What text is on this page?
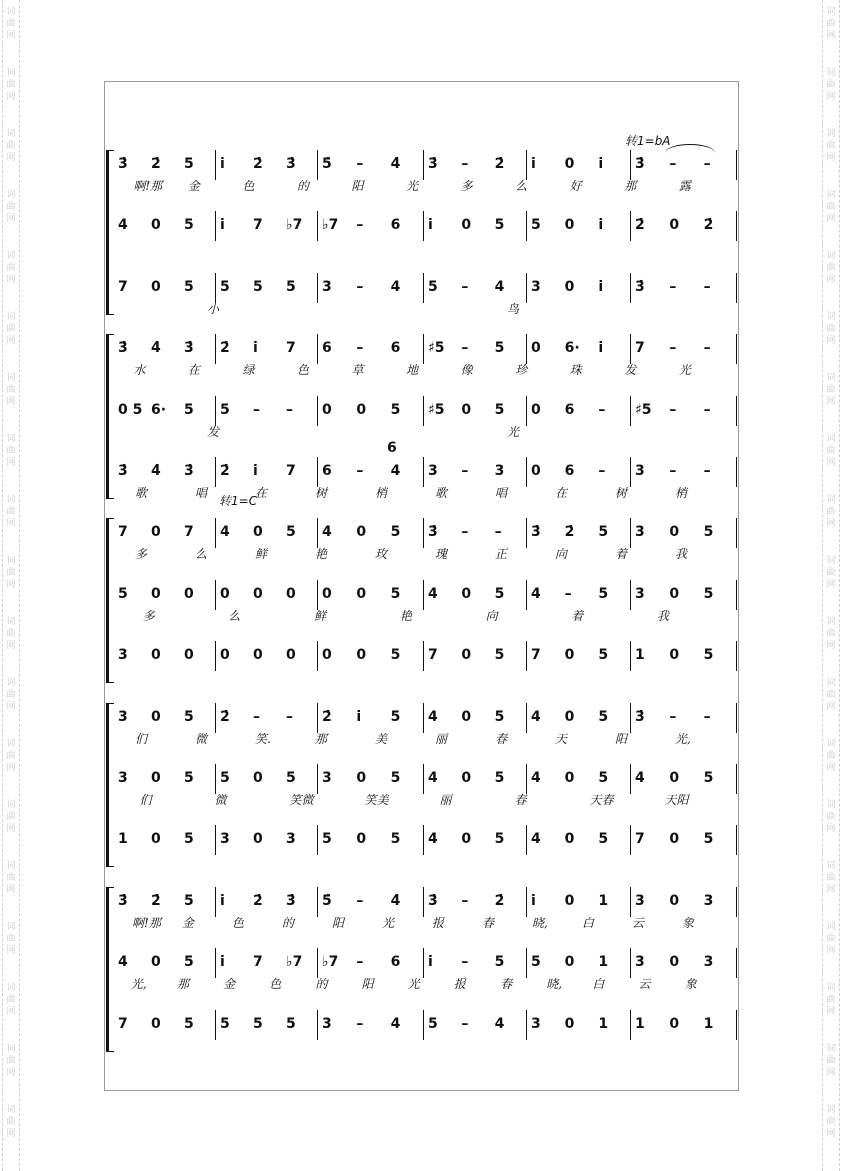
词
曲
网
词
曲
网
词
曲
网
词
曲
网
词
曲
网
词
曲
网
词
曲
网
词
曲
网
词
曲
网
词
曲
网
词
曲
网
词
曲
网
词
曲
网
词
曲
网
词
曲
网
词
曲
网
词
曲
网
词
曲
网
词
曲
网
词
曲
网
词
曲
网
词
曲
网
词
曲
网
词
曲
网
词
曲
网
词
曲
网
词
曲
网
词
曲
网
词
曲
网
词
曲
网
词
曲
网
词
曲
网
词
曲
网
词
曲
网
词
曲
网
词
曲
网
词
曲
网
词
曲
网
转1=bA
转1=C
6
3̇ 2̇ 5 i 2̇ 3̇ 5̇ – 4̇ 3̇ – 2̇ i 0 i 3̇ – –
啊!那 金	色	的	阳	光	多	么	好	那	露
4 0 5 i 7 ♭7 ♭7 – 6 i 0 5 5 0 i 2̇ 0 2̇
7 0 5 5 5 5 3 – 4 5 – 4 3 0 i 3̇ – –
小	鸟
3̇ 4̇ 3̇ 2̇ i 7 6 – 6 ♯5 – 5 0 6· i 7 – –
水	在	绿	色	草	地	像	珍	珠	发	光
0 5 6· 5 5 – – 0 0 5 ♯5 0 5 0 6 – ♯5 – –
发	光
3̇ 4̇ 3̇ 2̇ i 7 6 – 4 3 – 3 0 6 – 3 – –
歌	唱	在	树	梢	歌	唱	在	树	梢
7 0 7 4 0 5 4 0 5 3̇ – – 3̇ 2̇ 5 3 0 5
多	么	鲜	艳	玫	瑰	正	向	着	我
5 0 0 0 0 0 0 0 5 4 0 5 4 – 5 3 0 5
多	么	鲜	艳	向	着	我
3 0 0 0 0 0 0 0 5 7 0 5 7 0 5 1 0 5
3 0 5 2̇ – – 2̇ i 5 4 0 5 4 0 5 3̇ – –
们	微	笑.	那	美	丽	春	天	阳	光,
3 0 5 5 0 5 3 0 5 4 0 5 4 0 5 4 0 5
们	微	笑微	笑美	丽	春	天春	天阳
1 0 5 3 0 3 5 0 5 4 0 5 4 0 5 7 0 5
3̇ 2̇ 5 i 2̇ 3̇ 5̇ – 4̇ 3̇ – 2̇ i 0 1 3 0 3
啊!那 金	色	的	阳	光	报	春	晓,	白	云	象
4 0 5 i 7 ♭7 ♭7 – 6 i – 5 5 0 1 3 0 3
光,	那	金	色	的	阳	光	报	春	晓,	白	云	象
7 0 5 5 5 5 3 – 4 5 – 4 3 0 1 1 0 1
